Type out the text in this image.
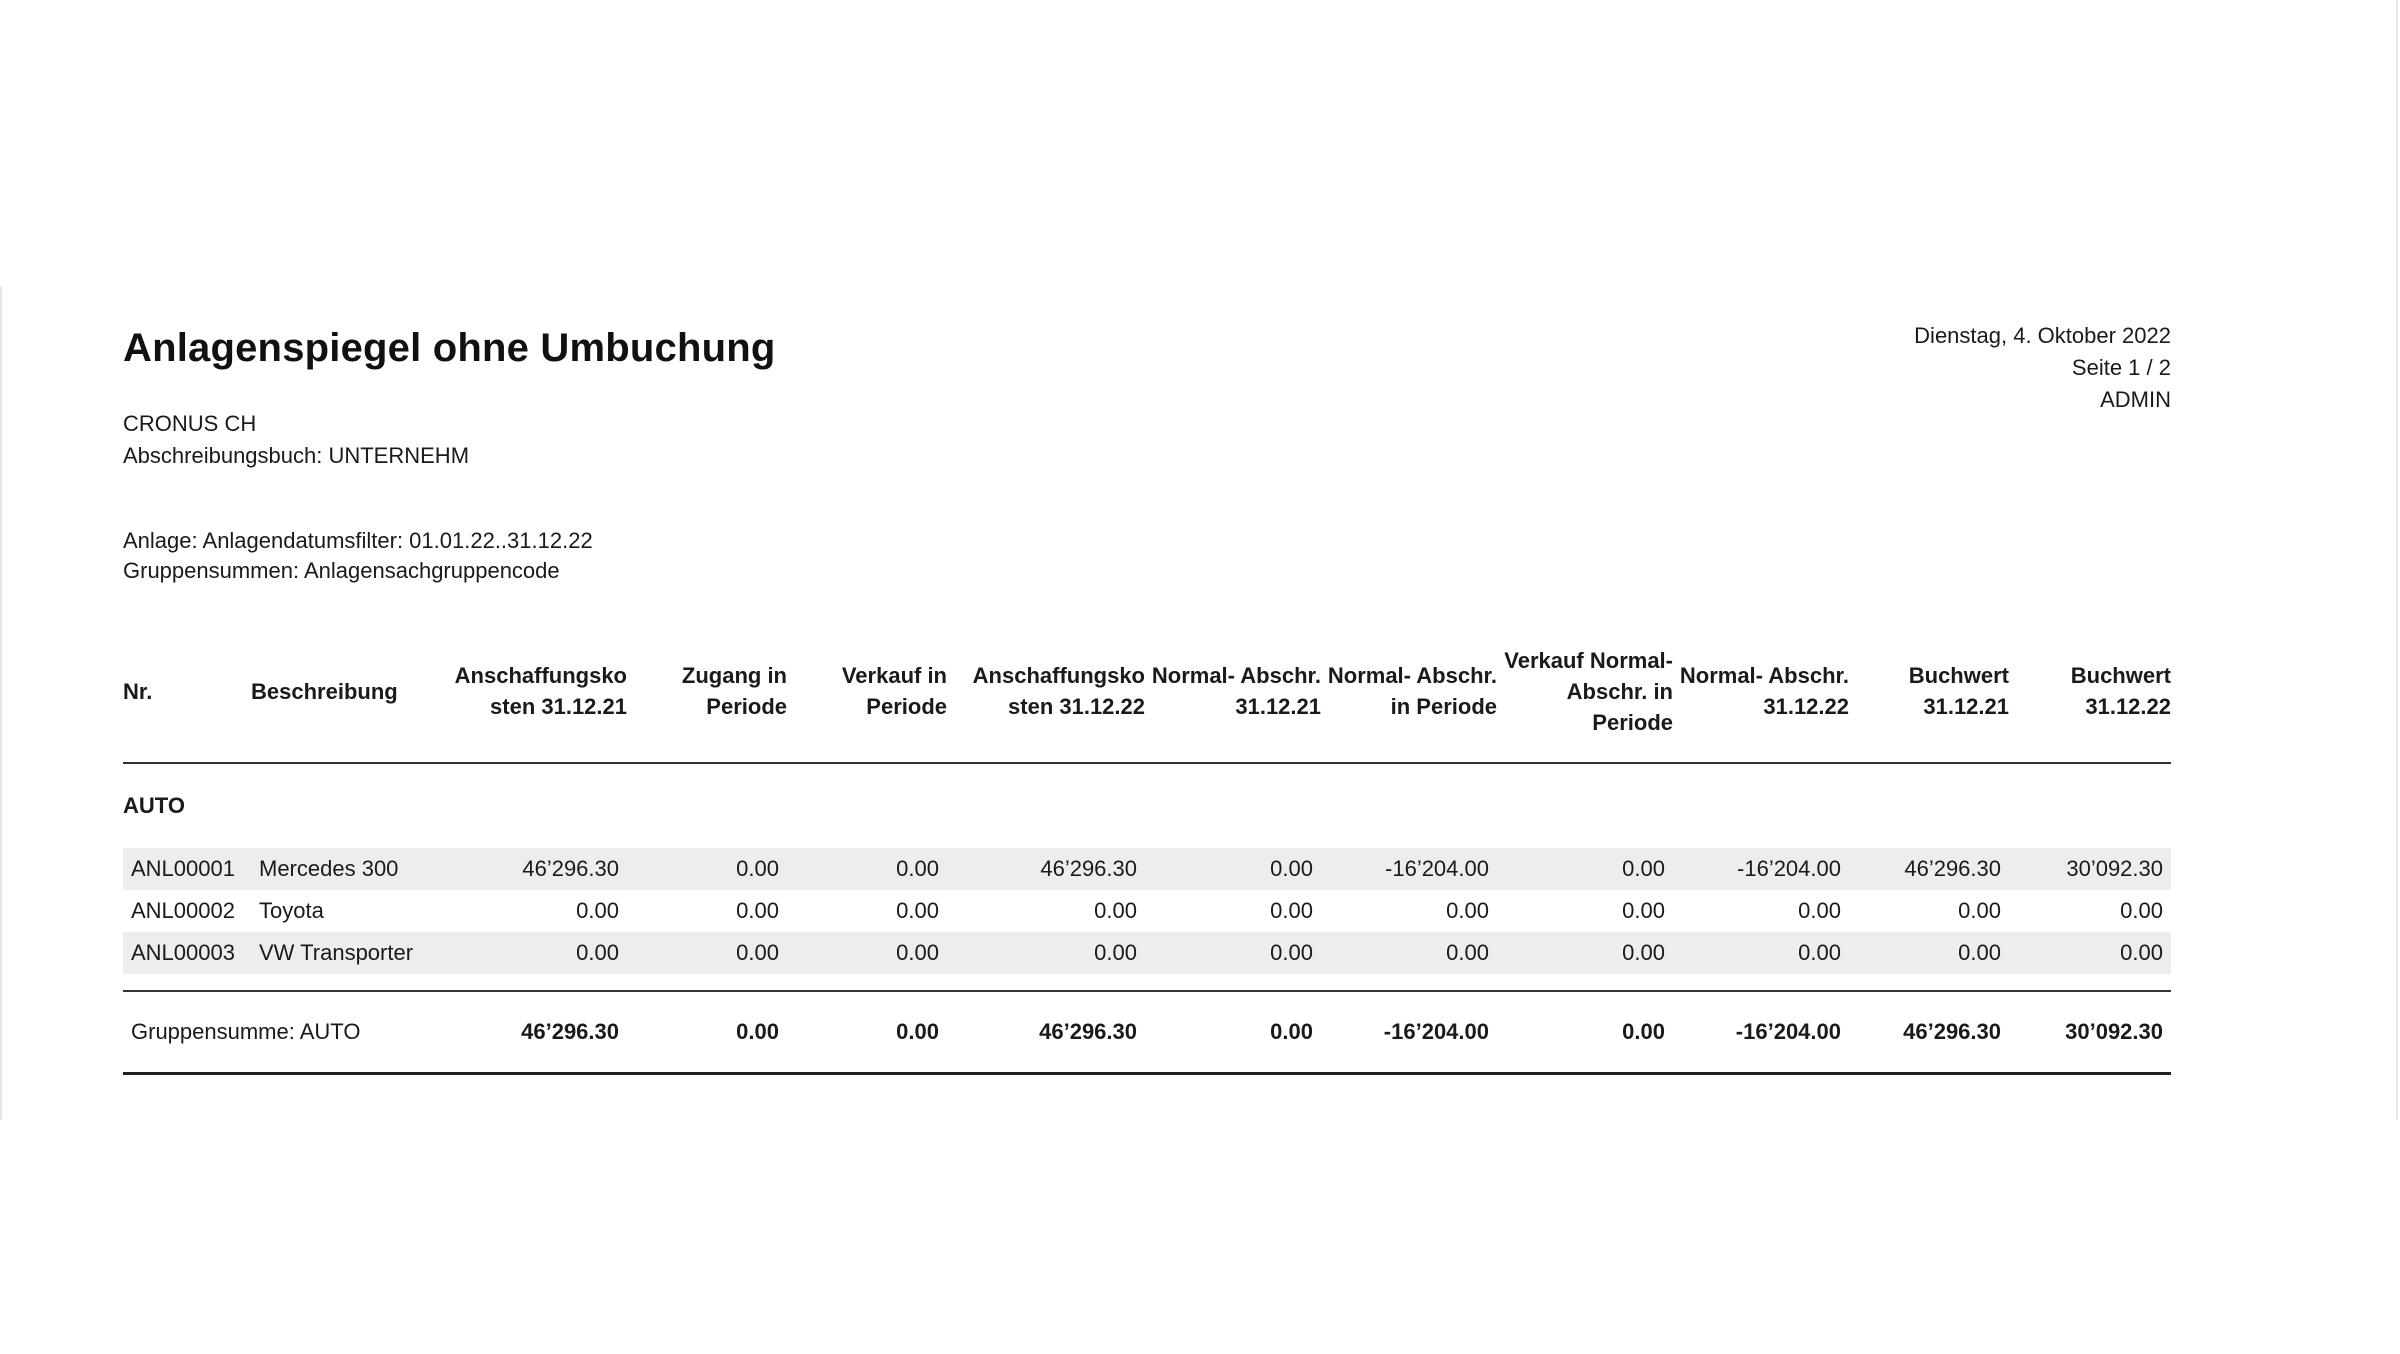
Anlagenspiegel ohne Umbuchung	Dienstag, 4. Oktober 2022
Seite 1 / 2
ADMIN
CRONUS CH
Abschreibungsbuch: UNTERNEHM
Anlage: Anlagendatumsfilter: 01.01.22..31.12.22
Gruppensummen: Anlagensachgruppencode
Nr.	Beschreibung	Anschaffungsko sten 31.12.21	Zugang in Periode	Verkauf in Periode	Anschaffungsko sten 31.12.22	Normal- Abschr. 31.12.21	Normal- Abschr. in Periode	Verkauf Normal- Abschr. in Periode	Normal- Abschr. 31.12.22	Buchwert 31.12.21	Buchwert 31.12.22

AUTO											
ANL00001	Mercedes 300	46’296.30	0.00	0.00	46’296.30	0.00	-16’204.00	0.00	-16’204.00	46’296.30	30’092.30
ANL00002	Toyota	0.00	0.00	0.00	0.00	0.00	0.00	0.00	0.00	0.00	0.00
ANL00003	VW Transporter	0.00	0.00	0.00	0.00	0.00	0.00	0.00	0.00	0.00	0.00

Gruppensumme: AUTO		46’296.30	0.00	0.00	46’296.30	0.00	-16’204.00	0.00	-16’204.00	46’296.30	30’092.30
